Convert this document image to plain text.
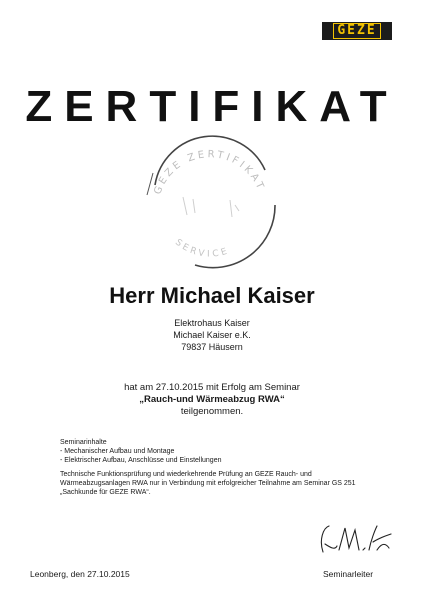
GEZE
ZERTIFIKAT
GEZE ZERTIFIKAT
SERVICE
Herr Michael Kaiser
Elektrohaus Kaiser
Michael Kaiser e.K.
79837 Häusern
hat am 27.10.2015 mit Erfolg am Seminar
„Rauch-und Wärmeabzug RWA“
teilgenommen.
Seminarinhalte
- Mechanischer Aufbau und Montage
- Elektrischer Aufbau, Anschlüsse und Einstellungen
Technische Funktionsprüfung und wiederkehrende Prüfung an GEZE Rauch- und Wärmeabzugsanlagen RWA nur in Verbindung mit erfolgreicher Teilnahme am Seminar GS 251 „Sachkunde für GEZE RWA“.
Leonberg, den 27.10.2015	Seminarleiter
